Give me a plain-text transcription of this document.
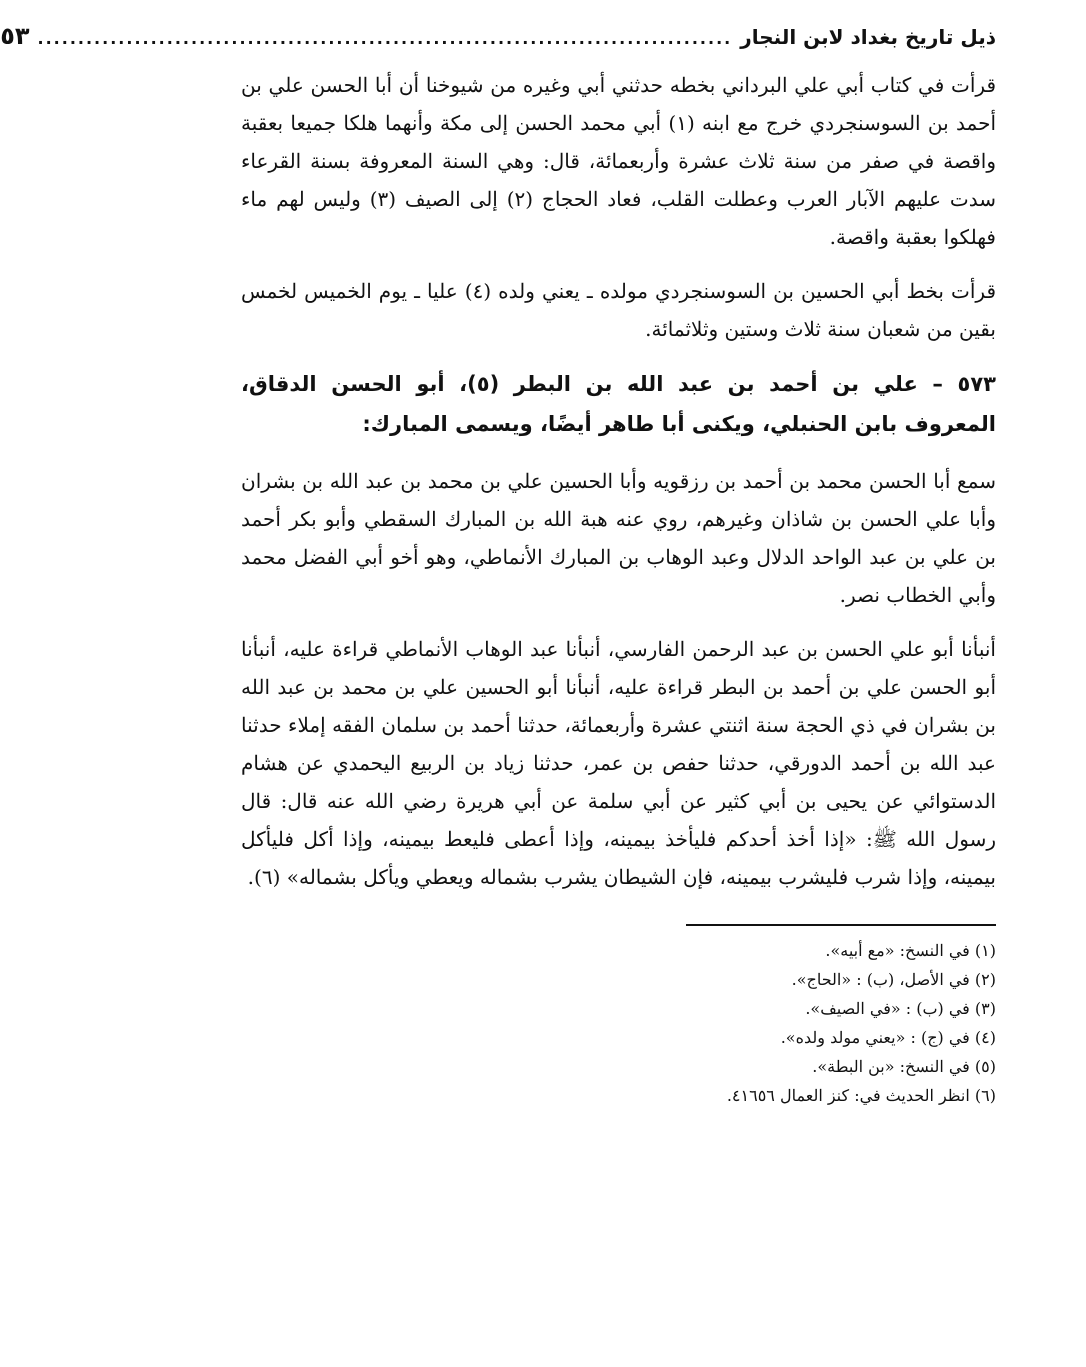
ذيل تاريخ بغداد لابن النجار
......................................................................................
٥٣

قرأت في كتاب أبي علي البرداني بخطه حدثني أبي وغيره من شيوخنا أن أبا الحسن علي بن أحمد بن السوسنجردي خرج مع ابنه (١) أبي محمد الحسن إلى مكة وأنهما هلكا جميعا بعقبة واقصة في صفر من سنة ثلاث عشرة وأربعمائة، قال: وهي السنة المعروفة بسنة القرعاء سدت عليهم الآبار العرب وعطلت القلب، فعاد الحجاج (٢) إلى الصيف (٣) وليس لهم ماء فهلكوا بعقبة واقصة.

قرأت بخط أبي الحسين بن السوسنجردي مولده ـ يعني ولده (٤) عليا ـ يوم الخميس لخمس بقين من شعبان سنة ثلاث وستين وثلاثمائة.

٥٧٣ – علي بن أحمد بن عبد الله بن البطر (٥)، أبو الحسن الدقاق، المعروف بابن الحنبلي، ويكنى أبا طاهر أيضًا، ويسمى المبارك:

سمع أبا الحسن محمد بن أحمد بن رزقويه وأبا الحسين علي بن محمد بن عبد الله بن بشران وأبا علي الحسن بن شاذان وغيرهم، روي عنه هبة الله بن المبارك السقطي وأبو بكر أحمد بن علي بن عبد الواحد الدلال وعبد الوهاب بن المبارك الأنماطي، وهو أخو أبي الفضل محمد وأبي الخطاب نصر.

أنبأنا أبو علي الحسن بن عبد الرحمن الفارسي، أنبأنا عبد الوهاب الأنماطي قراءة عليه، أنبأنا أبو الحسن علي بن أحمد بن البطر قراءة عليه، أنبأنا أبو الحسين علي بن محمد بن عبد الله بن بشران في ذي الحجة سنة اثنتي عشرة وأربعمائة، حدثنا أحمد بن سلمان الفقه إملاء حدثنا عبد الله بن أحمد الدورقي، حدثنا حفص بن عمر، حدثنا زياد بن الربيع اليحمدي عن هشام الدستوائي عن يحيى بن أبي كثير عن أبي سلمة عن أبي هريرة رضي الله عنه قال: قال رسول الله ﷺ: «إذا أخذ أحدكم فليأخذ بيمينه، وإذا أعطى فليعط بيمينه، وإذا أكل فليأكل بيمينه، وإذا شرب فليشرب بيمينه، فإن الشيطان يشرب بشماله ويعطي ويأكل بشماله» (٦).

(١) في النسخ: «مع أبيه».

(٢) في الأصل، (ب) : «الحاج».

(٣) في (ب) : «في الصيف».

(٤) في (ج) : «يعني مولد ولده».

(٥) في النسخ: «بن البطة».

(٦) انظر الحديث في: كنز العمال ٤١٦٥٦.
